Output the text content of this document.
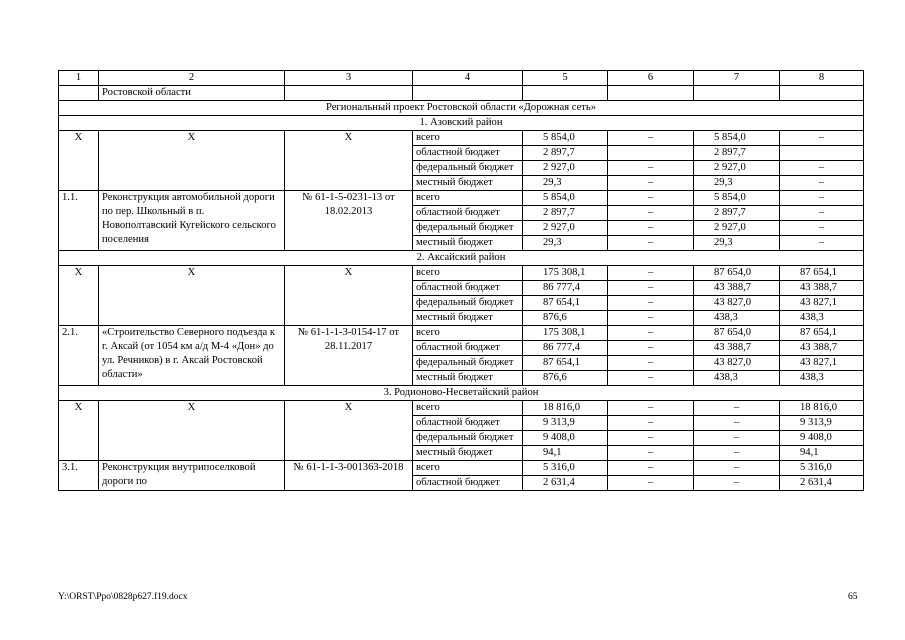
1	2	3	4	5	6	7	8
	Ростовской области						
Региональный проект Ростовской области «Дорожная сеть»							
1. Азовский район							
Х	Х	Х	всего	5 854,0	–	5 854,0	–
			областной бюджет	2 897,7		2 897,7	
			федеральный бюджет	2 927,0	–	2 927,0	–
			местный бюджет	29,3	–	29,3	–
1.1.	Реконструкция автомобильной дороги по пер. Школьный в п. Новополтавский Кугейского сельского поселения	№ 61-1-5-0231-13 от 18.02.2013	всего	5 854,0	–	5 854,0	–
			областной бюджет	2 897,7	–	2 897,7	–
			федеральный бюджет	2 927,0	–	2 927,0	–
			местный бюджет	29,3	–	29,3	–
2. Аксайский район							
Х	Х	Х	всего	175 308,1	–	87 654,0	87 654,1
			областной бюджет	86 777,4	–	43 388,7	43 388,7
			федеральный бюджет	87 654,1	–	43 827,0	43 827,1
			местный бюджет	876,6	–	438,3	438,3
2.1.	«Строительство Северного подъезда к г. Аксай (от 1054 км а/д М-4 «Дон» до ул. Речников) в г. Аксай Ростовской области»	№ 61-1-1-3-0154-17 от 28.11.2017	всего	175 308,1	–	87 654,0	87 654,1
			областной бюджет	86 777,4	–	43 388,7	43 388,7
			федеральный бюджет	87 654,1	–	43 827,0	43 827,1
			местный бюджет	876,6	–	438,3	438,3
3. Родионово-Несветайский район							
Х	Х	Х	всего	18 816,0	–	–	18 816,0
			областной бюджет	9 313,9	–	–	9 313,9
			федеральный бюджет	9 408,0	–	–	9 408,0
			местный бюджет	94,1	–	–	94,1
3.1.	Реконструкция внутрипоселковой дороги по	№ 61-1-1-3-001363-2018	всего	5 316,0	–	–	5 316,0
			областной бюджет	2 631,4	–	–	2 631,4
Y:\ORST\Ppo\0828p627.f19.docx	65
